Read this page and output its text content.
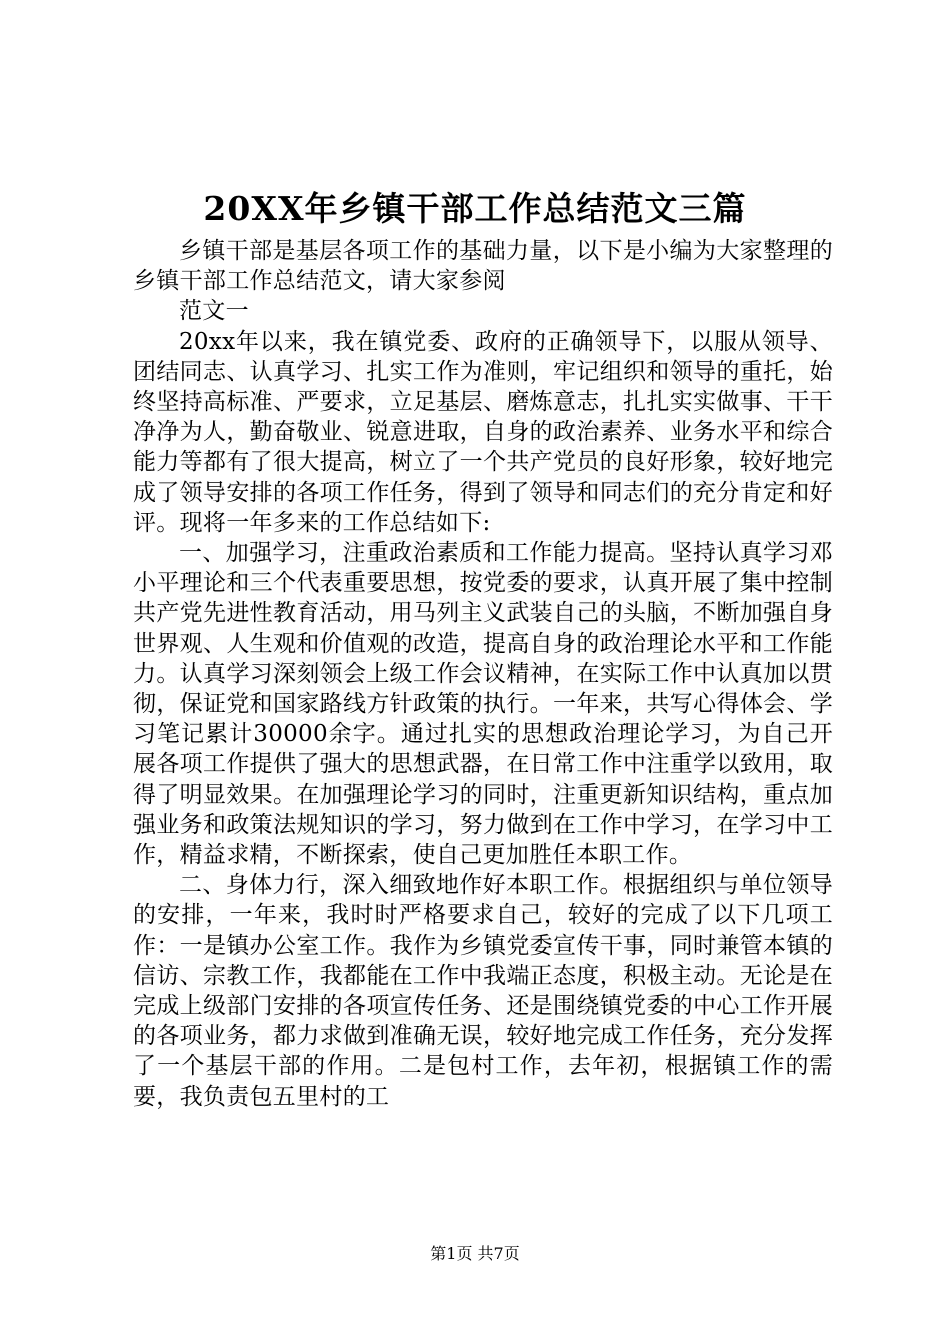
20XX年乡镇干部工作总结范文三篇

乡镇干部是基层各项工作的基础力量，以下是小编为大家整理的乡镇干部工作总结范文，请大家参阅

范文一

20xx年以来，我在镇党委、政府的正确领导下，以服从领导、团结同志、认真学习、扎实工作为准则，牢记组织和领导的重托，始终坚持高标准、严要求，立足基层、磨炼意志，扎扎实实做事、干干净净为人，勤奋敬业、锐意进取，自身的政治素养、业务水平和综合能力等都有了很大提高，树立了一个共产党员的良好形象，较好地完成了领导安排的各项工作任务，得到了领导和同志们的充分肯定和好评。现将一年多来的工作总结如下:

一、加强学习，注重政治素质和工作能力提高。坚持认真学习邓小平理论和三个代表重要思想，按党委的要求，认真开展了集中控制共产党先进性教育活动，用马列主义武装自己的头脑，不断加强自身世界观、人生观和价值观的改造，提高自身的政治理论水平和工作能力。认真学习深刻领会上级工作会议精神，在实际工作中认真加以贯彻，保证党和国家路线方针政策的执行。一年来，共写心得体会、学习笔记累计30000余字。通过扎实的思想政治理论学习，为自己开展各项工作提供了强大的思想武器，在日常工作中注重学以致用，取得了明显效果。在加强理论学习的同时，注重更新知识结构，重点加强业务和政策法规知识的学习，努力做到在工作中学习，在学习中工作，精益求精，不断探索，使自己更加胜任本职工作。

二、身体力行，深入细致地作好本职工作。根据组织与单位领导的安排，一年来，我时时严格要求自己，较好的完成了以下几项工作：一是镇办公室工作。我作为乡镇党委宣传干事，同时兼管本镇的信访、宗教工作，我都能在工作中我端正态度，积极主动。无论是在完成上级部门安排的各项宣传任务、还是围绕镇党委的中心工作开展的各项业务，都力求做到准确无误，较好地完成工作任务，充分发挥了一个基层干部的作用。二是包村工作，去年初，根据镇工作的需要，我负责包五里村的工

第1页 共7页
